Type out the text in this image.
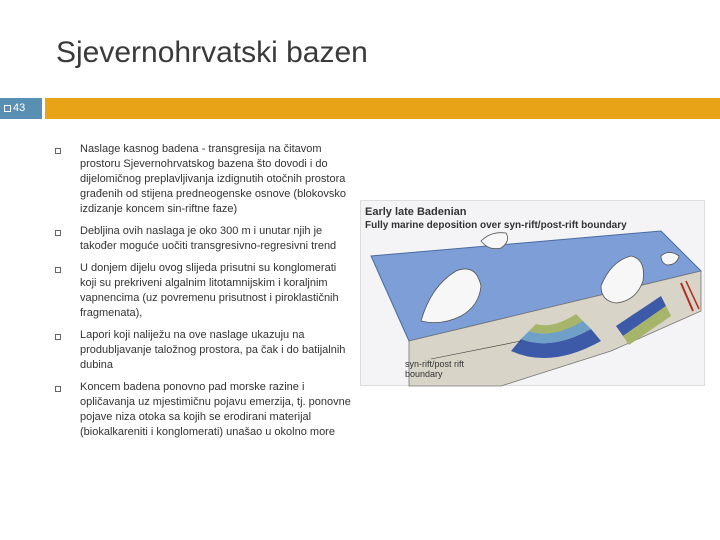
Sjevernohrvatski bazen
43
Naslage kasnog badena - transgresija na čitavom prostoru Sjevernohrvatskog bazena što dovodi i do dijelomičnog preplavljivanja izdignutih otočnih prostora građenih od stijena predneogenske osnove (blokovsko izdizanje koncem sin-riftne faze)
Debljina ovih naslaga je oko 300 m i unutar njih je također moguće uočiti transgresivno-regresivni trend
U donjem dijelu ovog slijeda prisutni su konglomerati koji su prekriveni algalnim litotamnijskim i koraljnim vapnencima (uz povremenu prisutnost i piroklastičnih fragmenata),
Lapori koji naliježu na ove naslage ukazuju na produbljavanje taložnog prostora, pa čak i do batijalnih dubina
Koncem badena ponovno pad morske razine i opličavanja uz mjestimičnu pojavu emerzija, tj. ponovne pojave niza otoka sa kojih se erodirani materijal (biokalkareniti i konglomerati) unašao u okolno more
Early late Badenian
Fully marine deposition over syn-rift/post-rift boundary
syn-rift/post rift
boundary
